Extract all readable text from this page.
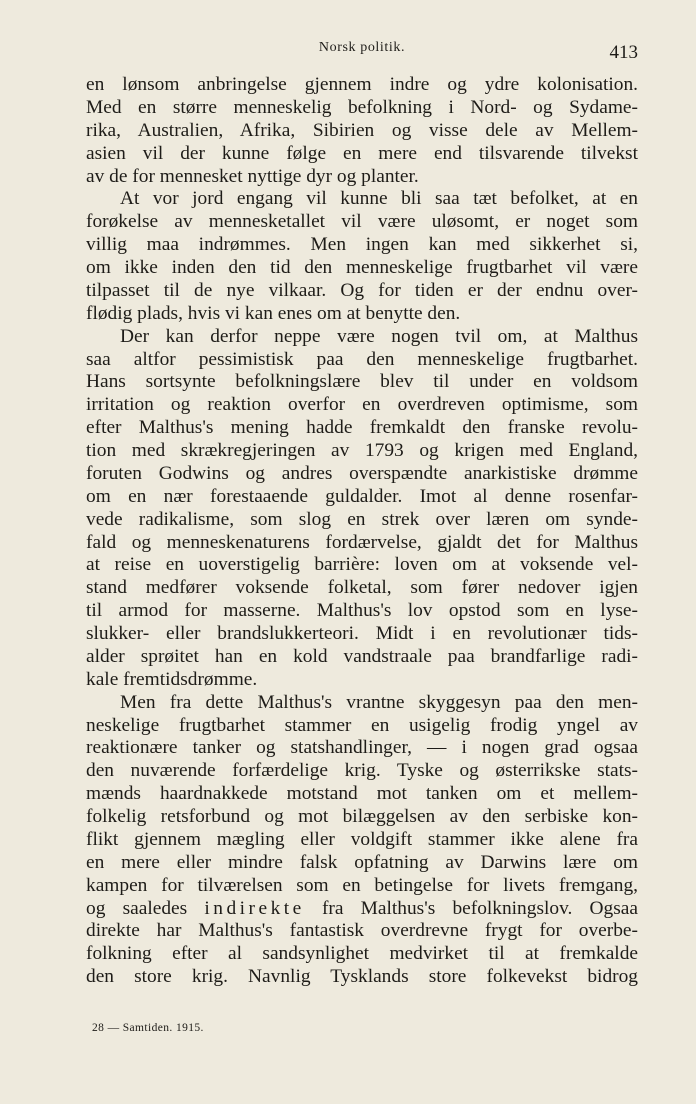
Norsk politik.	413
en lønsom anbringelse gjennem indre og ydre kolonisation.
Med en større menneskelig befolkning i Nord- og Sydame-
rika, Australien, Afrika, Sibirien og visse dele av Mellem-
asien vil der kunne følge en mere end tilsvarende tilvekst
av de for mennesket nyttige dyr og planter.
At vor jord engang vil kunne bli saa tæt befolket, at en
forøkelse av mennesketallet vil være uløsomt, er noget som
villig maa indrømmes. Men ingen kan med sikkerhet si,
om ikke inden den tid den menneskelige frugtbarhet vil være
tilpasset til de nye vilkaar. Og for tiden er der endnu over-
flødig plads, hvis vi kan enes om at benytte den.
Der kan derfor neppe være nogen tvil om, at Malthus
saa altfor pessimistisk paa den menneskelige frugtbarhet.
Hans sortsynte befolkningslære blev til under en voldsom
irritation og reaktion overfor en overdreven optimisme, som
efter Malthus's mening hadde fremkaldt den franske revolu-
tion med skrækregjeringen av 1793 og krigen med England,
foruten Godwins og andres overspændte anarkistiske drømme
om en nær forestaaende guldalder. Imot al denne rosenfar-
vede radikalisme, som slog en strek over læren om synde-
fald og menneskenaturens fordærvelse, gjaldt det for Malthus
at reise en uoverstigelig barrière: loven om at voksende vel-
stand medfører voksende folketal, som fører nedover igjen
til armod for masserne. Malthus's lov opstod som en lyse-
slukker- eller brandslukkerteori. Midt i en revolutionær tids-
alder sprøitet han en kold vandstraale paa brandfarlige radi-
kale fremtidsdrømme.
Men fra dette Malthus's vrantne skyggesyn paa den men-
neskelige frugtbarhet stammer en usigelig frodig yngel av
reaktionære tanker og statshandlinger, — i nogen grad ogsaa
den nuværende forfærdelige krig. Tyske og østerrikske stats-
mænds haardnakkede motstand mot tanken om et mellem-
folkelig retsforbund og mot bilæggelsen av den serbiske kon-
flikt gjennem mægling eller voldgift stammer ikke alene fra
en mere eller mindre falsk opfatning av Darwins lære om
kampen for tilværelsen som en betingelse for livets fremgang,
og saaledes indirekte fra Malthus's befolkningslov. Ogsaa
direkte har Malthus's fantastisk overdrevne frygt for overbe-
folkning efter al sandsynlighet medvirket til at fremkalde
den store krig. Navnlig Tysklands store folkevekst bidrog
28 — Samtiden. 1915.
